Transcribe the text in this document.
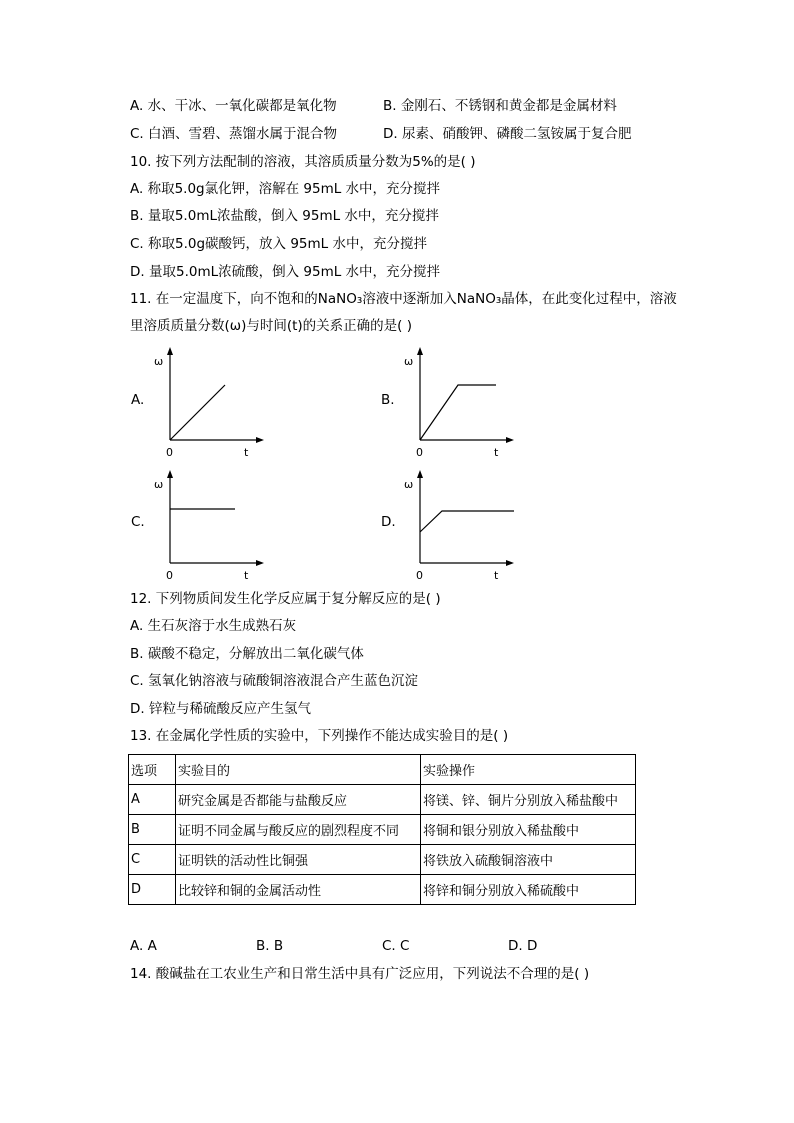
A. 水、干冰、一氧化碳都是氧化物	B. 金刚石、不锈钢和黄金都是金属材料
C. 白酒、雪碧、蒸馏水属于混合物	D. 尿素、硝酸钾、磷酸二氢铵属于复合肥
10. 按下列方法配制的溶液，其溶质质量分数为5%的是( )
A. 称取5.0g氯化钾，溶解在 95mL 水中，充分搅拌
B. 量取5.0mL浓盐酸，倒入 95mL 水中，充分搅拌
C. 称取5.0g碳酸钙，放入 95mL 水中，充分搅拌
D. 量取5.0mL浓硫酸，倒入 95mL 水中，充分搅拌
11. 在一定温度下，向不饱和的NaNO₃溶液中逐渐加入NaNO₃晶体，在此变化过程中，溶液
里溶质质量分数(ω)与时间(t)的关系正确的是( )
A.
ω
0	t
B.
ω
0	t
C.
ω
0	t
D.
ω
0	t
12. 下列物质间发生化学反应属于复分解反应的是( )
A. 生石灰溶于水生成熟石灰
B. 碳酸不稳定，分解放出二氧化碳气体
C. 氢氧化钠溶液与硫酸铜溶液混合产生蓝色沉淀
D. 锌粒与稀硫酸反应产生氢气
13. 在金属化学性质的实验中，下列操作不能达成实验目的是( )
选项	实验目的	实验操作
A	研究金属是否都能与盐酸反应	将镁、锌、铜片分别放入稀盐酸中
B	证明不同金属与酸反应的剧烈程度不同	将铜和银分别放入稀盐酸中
C	证明铁的活动性比铜强	将铁放入硫酸铜溶液中
D	比较锌和铜的金属活动性	将锌和铜分别放入稀硫酸中
A. A	B. B	C. C	D. D
14. 酸碱盐在工农业生产和日常生活中具有广泛应用，下列说法不合理的是( )
